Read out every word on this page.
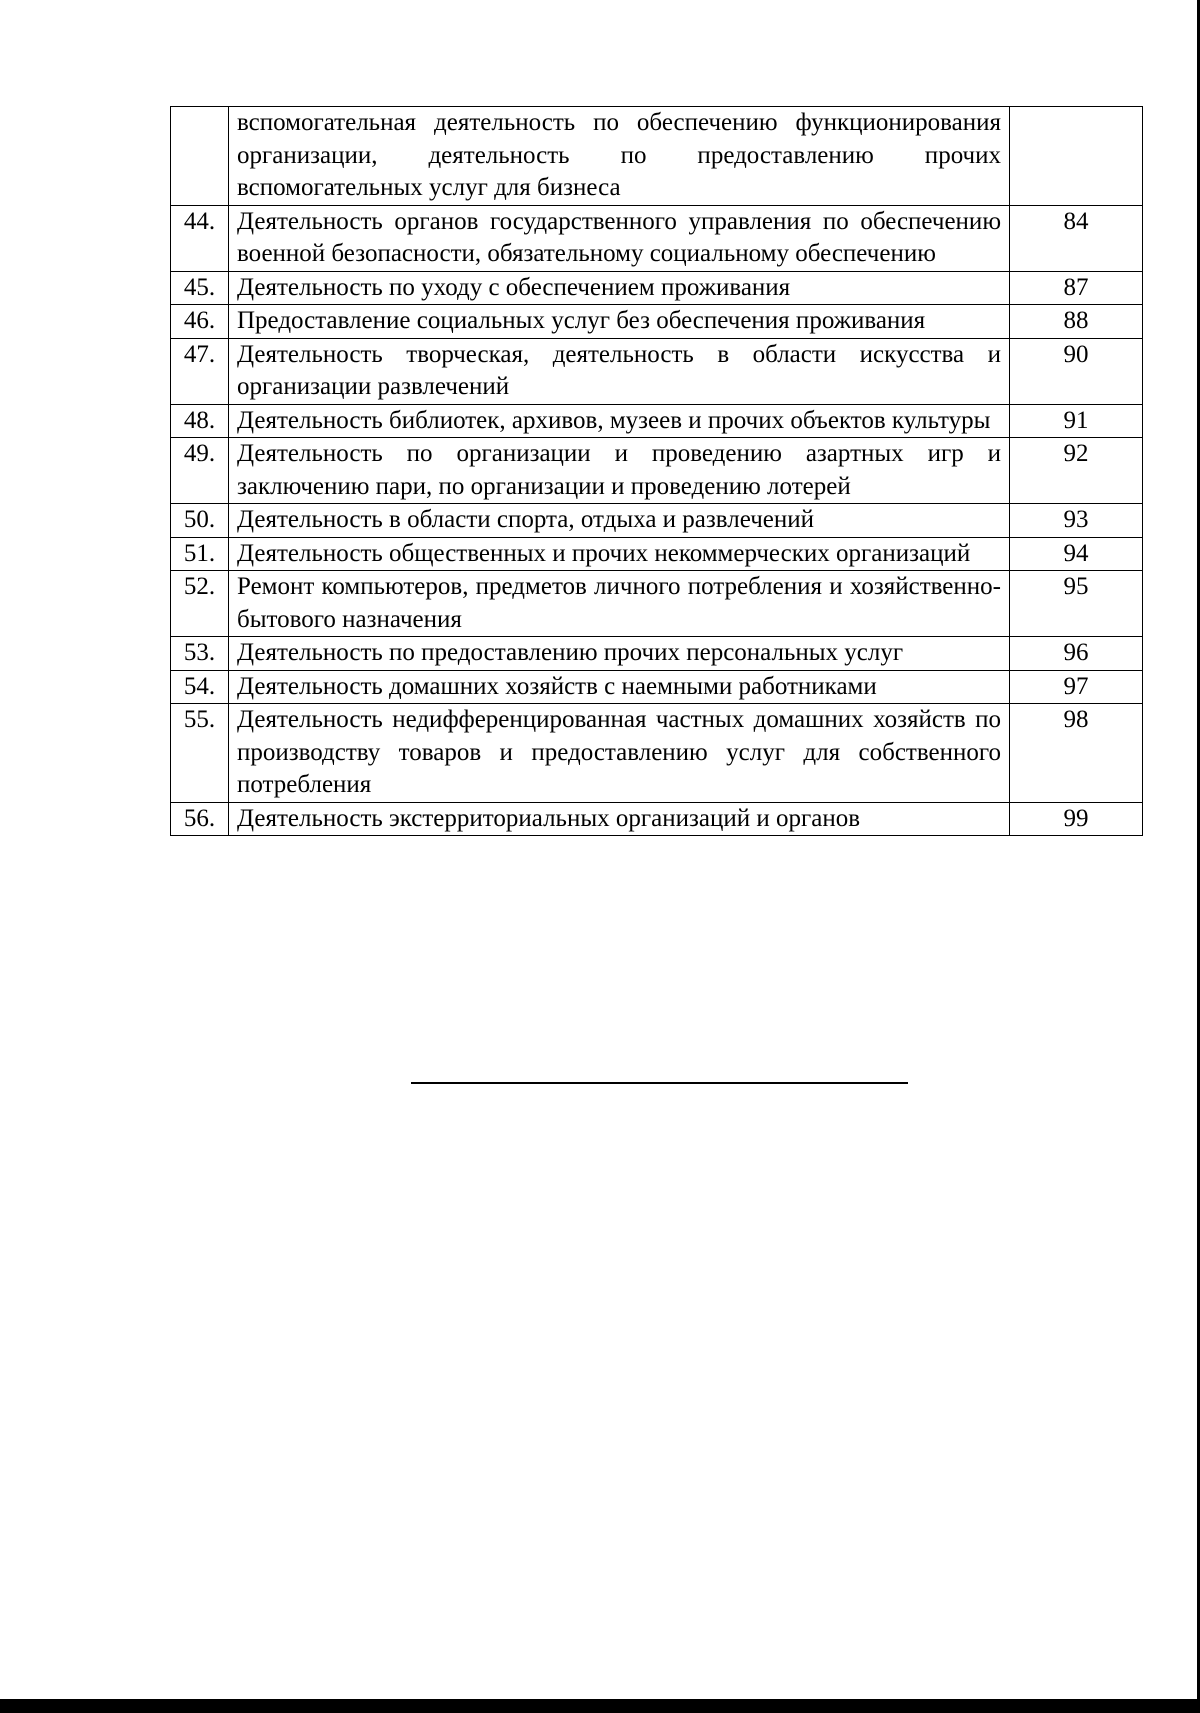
	вспомогательная деятельность по обеспечению функционирования организации, деятельность по предоставлению прочих вспомогательных услуг для бизнеса	
44.	Деятельность органов государственного управления по обеспечению военной безопасности, обязательному социальному обеспечению	84
45.	Деятельность по уходу с обеспечением проживания	87
46.	Предоставление социальных услуг без обеспечения проживания	88
47.	Деятельность творческая, деятельность в области искусства и организации развлечений	90
48.	Деятельность библиотек, архивов, музеев и прочих объектов культуры	91
49.	Деятельность по организации и проведению азартных игр и заключению пари, по организации и проведению лотерей	92
50.	Деятельность в области спорта, отдыха и развлечений	93
51.	Деятельность общественных и прочих некоммерческих организаций	94
52.	Ремонт компьютеров, предметов личного потребления и хозяйственно-бытового назначения	95
53.	Деятельность по предоставлению прочих персональных услуг	96
54.	Деятельность домашних хозяйств с наемными работниками	97
55.	Деятельность недифференцированная частных домашних хозяйств по производству товаров и предоставлению услуг для собственного потребления	98
56.	Деятельность экстерриториальных организаций и органов	99
